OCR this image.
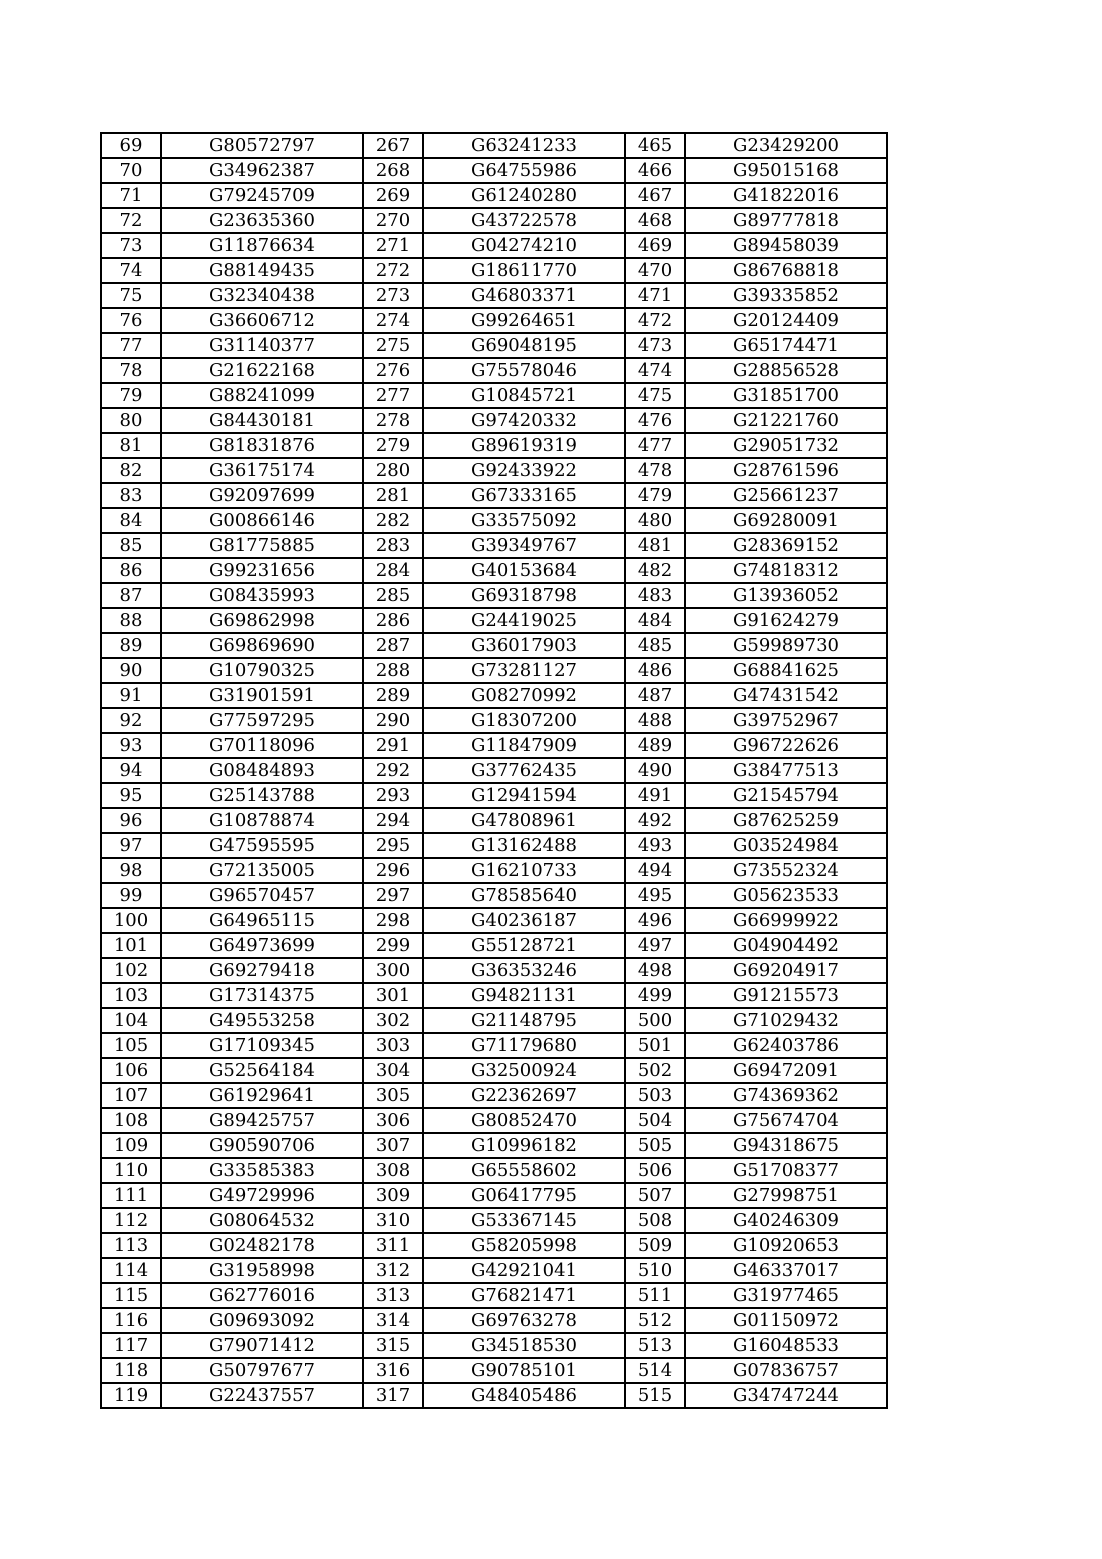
69	G80572797	267	G63241233	465	G23429200
70	G34962387	268	G64755986	466	G95015168
71	G79245709	269	G61240280	467	G41822016
72	G23635360	270	G43722578	468	G89777818
73	G11876634	271	G04274210	469	G89458039
74	G88149435	272	G18611770	470	G86768818
75	G32340438	273	G46803371	471	G39335852
76	G36606712	274	G99264651	472	G20124409
77	G31140377	275	G69048195	473	G65174471
78	G21622168	276	G75578046	474	G28856528
79	G88241099	277	G10845721	475	G31851700
80	G84430181	278	G97420332	476	G21221760
81	G81831876	279	G89619319	477	G29051732
82	G36175174	280	G92433922	478	G28761596
83	G92097699	281	G67333165	479	G25661237
84	G00866146	282	G33575092	480	G69280091
85	G81775885	283	G39349767	481	G28369152
86	G99231656	284	G40153684	482	G74818312
87	G08435993	285	G69318798	483	G13936052
88	G69862998	286	G24419025	484	G91624279
89	G69869690	287	G36017903	485	G59989730
90	G10790325	288	G73281127	486	G68841625
91	G31901591	289	G08270992	487	G47431542
92	G77597295	290	G18307200	488	G39752967
93	G70118096	291	G11847909	489	G96722626
94	G08484893	292	G37762435	490	G38477513
95	G25143788	293	G12941594	491	G21545794
96	G10878874	294	G47808961	492	G87625259
97	G47595595	295	G13162488	493	G03524984
98	G72135005	296	G16210733	494	G73552324
99	G96570457	297	G78585640	495	G05623533
100	G64965115	298	G40236187	496	G66999922
101	G64973699	299	G55128721	497	G04904492
102	G69279418	300	G36353246	498	G69204917
103	G17314375	301	G94821131	499	G91215573
104	G49553258	302	G21148795	500	G71029432
105	G17109345	303	G71179680	501	G62403786
106	G52564184	304	G32500924	502	G69472091
107	G61929641	305	G22362697	503	G74369362
108	G89425757	306	G80852470	504	G75674704
109	G90590706	307	G10996182	505	G94318675
110	G33585383	308	G65558602	506	G51708377
111	G49729996	309	G06417795	507	G27998751
112	G08064532	310	G53367145	508	G40246309
113	G02482178	311	G58205998	509	G10920653
114	G31958998	312	G42921041	510	G46337017
115	G62776016	313	G76821471	511	G31977465
116	G09693092	314	G69763278	512	G01150972
117	G79071412	315	G34518530	513	G16048533
118	G50797677	316	G90785101	514	G07836757
119	G22437557	317	G48405486	515	G34747244
